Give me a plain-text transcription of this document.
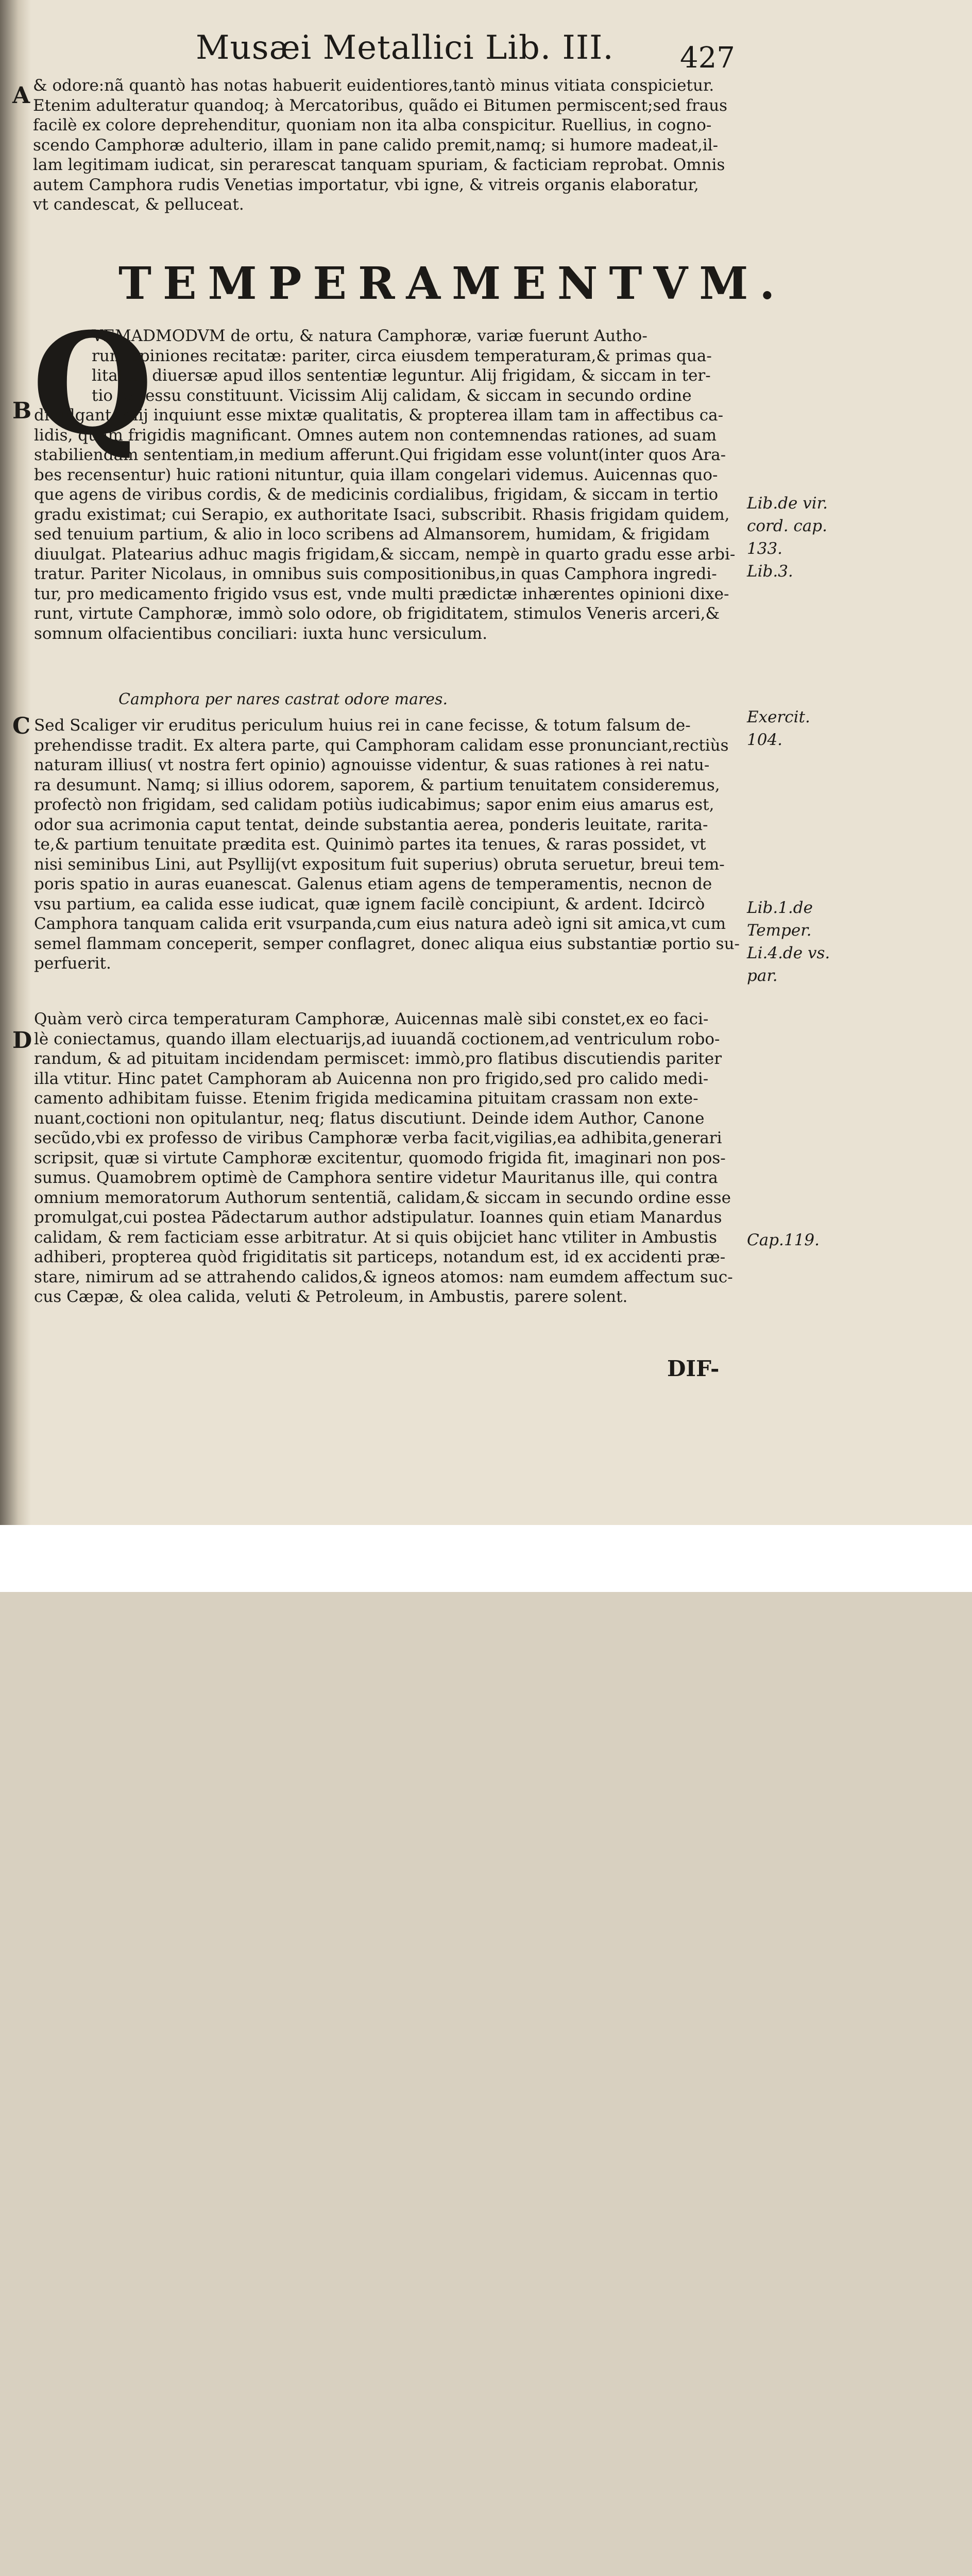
Musæi Metallici Lib. III.	427
& odore:nã quantò has notas habuerit euidentiores,tantò minus vitiata conspicietur.
Etenim adulteratur quandoq; à Mercatoribus, quãdo ei Bitumen permiscent;sed fraus
facilè ex colore deprehenditur, quoniam non ita alba conspicitur. Ruellius, in cogno-
scendo Camphoræ adulterio, illam in pane calido premit,namq; si humore madeat,il-
lam legitimam iudicat, sin perarescat tanquam spuriam, & facticiam reprobat. Omnis
autem Camphora rudis Venetias importatur, vbi igne, & vitreis organis elaboratur,
vt candescat, & pelluceat.
TEMPERAMENTVM.
Q
VEMADMODVM de ortu, & natura Camphoræ, variæ fuerunt Autho-
rum opiniones recitatæ: pariter, circa eiusdem temperaturam,& primas qua-
litates, diuersæ apud illos sententiæ leguntur. Alij frigidam, & siccam in ter-
tio excessu constituunt. Vicissim Alij calidam, & siccam in secundo ordine
diuulgant. Alij inquiunt esse mixtæ qualitatis, & propterea illam tam in affectibus ca-
lidis, quàm frigidis magnificant. Omnes autem non contemnendas rationes, ad suam
stabiliendam sententiam,in medium afferunt.Qui frigidam esse volunt(inter quos Ara-
bes recensentur) huic rationi nituntur, quia illam congelari videmus. Auicennas quo-
que agens de viribus cordis, & de medicinis cordialibus, frigidam, & siccam in tertio
gradu existimat; cui Serapio, ex authoritate Isaci, subscribit. Rhasis frigidam quidem,
sed tenuium partium, & alio in loco scribens ad Almansorem, humidam, & frigidam
diuulgat. Platearius adhuc magis frigidam,& siccam, nempè in quarto gradu esse arbi-
tratur. Pariter Nicolaus, in omnibus suis compositionibus,in quas Camphora ingredi-
tur, pro medicamento frigido vsus est, vnde multi prædictæ inhærentes opinioni dixe-
runt, virtute Camphoræ, immò solo odore, ob frigiditatem, stimulos Veneris arceri,&
somnum olfacientibus conciliari: iuxta hunc versiculum.
Camphora per nares castrat odore mares.
Sed Scaliger vir eruditus periculum huius rei in cane fecisse, & totum falsum de-
prehendisse tradit. Ex altera parte, qui Camphoram calidam esse pronunciant,rectiùs
naturam illius( vt nostra fert opinio) agnouisse videntur, & suas rationes à rei natu-
ra desumunt. Namq; si illius odorem, saporem, & partium tenuitatem consideremus,
profectò non frigidam, sed calidam potiùs iudicabimus; sapor enim eius amarus est,
odor sua acrimonia caput tentat, deinde substantia aerea, ponderis leuitate, rarita-
te,& partium tenuitate prædita est. Quinimò partes ita tenues, & raras possidet, vt
nisi seminibus Lini, aut Psyllij(vt expositum fuit superius) obruta seruetur, breui tem-
poris spatio in auras euanescat. Galenus etiam agens de temperamentis, necnon de
vsu partium, ea calida esse iudicat, quæ ignem facilè concipiunt, & ardent. Idcircò
Camphora tanquam calida erit vsurpanda,cum eius natura adeò igni sit amica,vt cum
semel flammam conceperit, semper conflagret, donec aliqua eius substantiæ portio su-
perfuerit.
Quàm verò circa temperaturam Camphoræ, Auicennas malè sibi constet,ex eo faci-
lè coniectamus, quando illam electuarijs,ad iuuandã coctionem,ad ventriculum robo-
randum, & ad pituitam incidendam permiscet: immò,pro flatibus discutiendis pariter
illa vtitur. Hinc patet Camphoram ab Auicenna non pro frigido,sed pro calido medi-
camento adhibitam fuisse. Etenim frigida medicamina pituitam crassam non exte-
nuant,coctioni non opitulantur, neq; flatus discutiunt. Deinde idem Author, Canone
secũdo,vbi ex professo de viribus Camphoræ verba facit,vigilias,ea adhibita,generari
scripsit, quæ si virtute Camphoræ excitentur, quomodo frigida fit, imaginari non pos-
sumus. Quamobrem optimè de Camphora sentire videtur Mauritanus ille, qui contra
omnium memoratorum Authorum sententiã, calidam,& siccam in secundo ordine esse
promulgat,cui postea Pãdectarum author adstipulatur. Ioannes quin etiam Manardus
calidam, & rem facticiam esse arbitratur. At si quis obijciet hanc vtiliter in Ambustis
adhiberi, propterea quòd frigiditatis sit particeps, notandum est, id ex accidenti præ-
stare, nimirum ad se attrahendo calidos,& igneos atomos: nam eumdem affectum suc-
cus Cæpæ, & olea calida, veluti & Petroleum, in Ambustis, parere solent.
A
B
C
D
Lib.de vir.
cord. cap.
133.
Lib.3.
Exercit.
104.
Lib.1.de
Temper.
Li.4.de vs.
par.
Cap.119.
DIF-
